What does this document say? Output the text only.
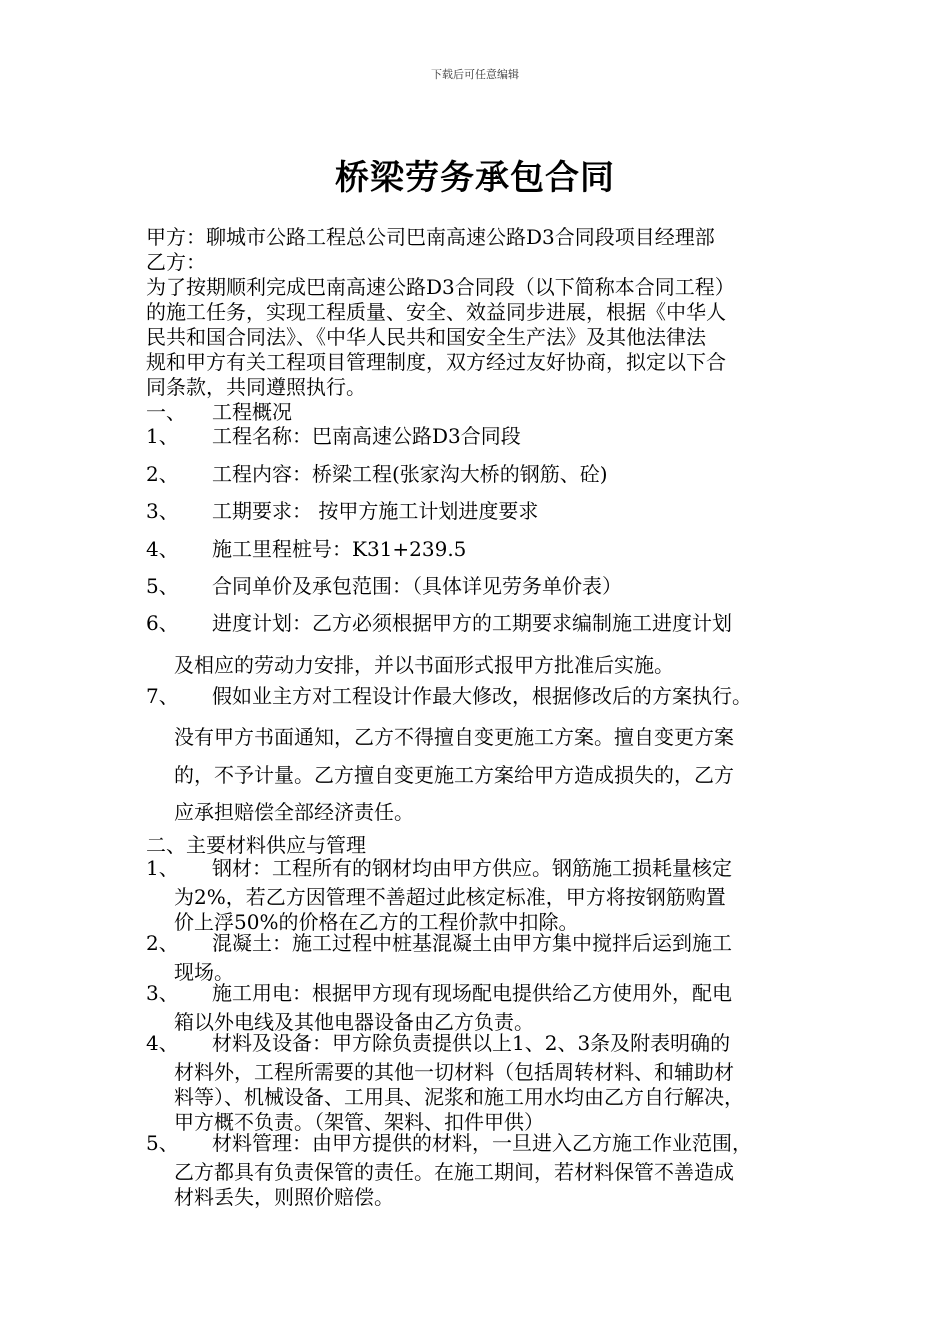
下载后可任意编辑
桥梁劳务承包合同
甲方：聊城市公路工程总公司巴南高速公路D3合同段项目经理部
乙方：
为了按期顺利完成巴南高速公路D3合同段（以下简称本合同工程）
的施工任务，实现工程质量、安全、效益同步进展，根据《中华人
民共和国合同法》、《中华人民共和国安全生产法》及其他法律法
规和甲方有关工程项目管理制度，双方经过友好协商，拟定以下合
同条款，共同遵照执行。
一、 工程概况
1、 工程名称：巴南高速公路D3合同段
2、 工程内容：桥梁工程(张家沟大桥的钢筋、砼)
3、 工期要求： 按甲方施工计划进度要求
4、 施工里程桩号：K31+239.5
5、 合同单价及承包范围：（具体详见劳务单价表）
6、 进度计划：乙方必须根据甲方的工期要求编制施工进度计划
及相应的劳动力安排，并以书面形式报甲方批准后实施。
7、 假如业主方对工程设计作最大修改，根据修改后的方案执行。
没有甲方书面通知，乙方不得擅自变更施工方案。擅自变更方案
的，不予计量。乙方擅自变更施工方案给甲方造成损失的，乙方
应承担赔偿全部经济责任。
二、主要材料供应与管理
1、 钢材：工程所有的钢材均由甲方供应。钢筋施工损耗量核定
为2%，若乙方因管理不善超过此核定标准，甲方将按钢筋购置
价上浮50%的价格在乙方的工程价款中扣除。
2、 混凝土：施工过程中桩基混凝土由甲方集中搅拌后运到施工
现场。
3、 施工用电：根据甲方现有现场配电提供给乙方使用外，配电
箱以外电线及其他电器设备由乙方负责。
4、 材料及设备：甲方除负责提供以上1、2、3条及附表明确的
材料外，工程所需要的其他一切材料（包括周转材料、和辅助材
料等）、机械设备、工用具、泥浆和施工用水均由乙方自行解决，
甲方概不负责。（架管、架料、扣件甲供）
5、 材料管理：由甲方提供的材料，一旦进入乙方施工作业范围，
乙方都具有负责保管的责任。在施工期间，若材料保管不善造成
材料丢失，则照价赔偿。
